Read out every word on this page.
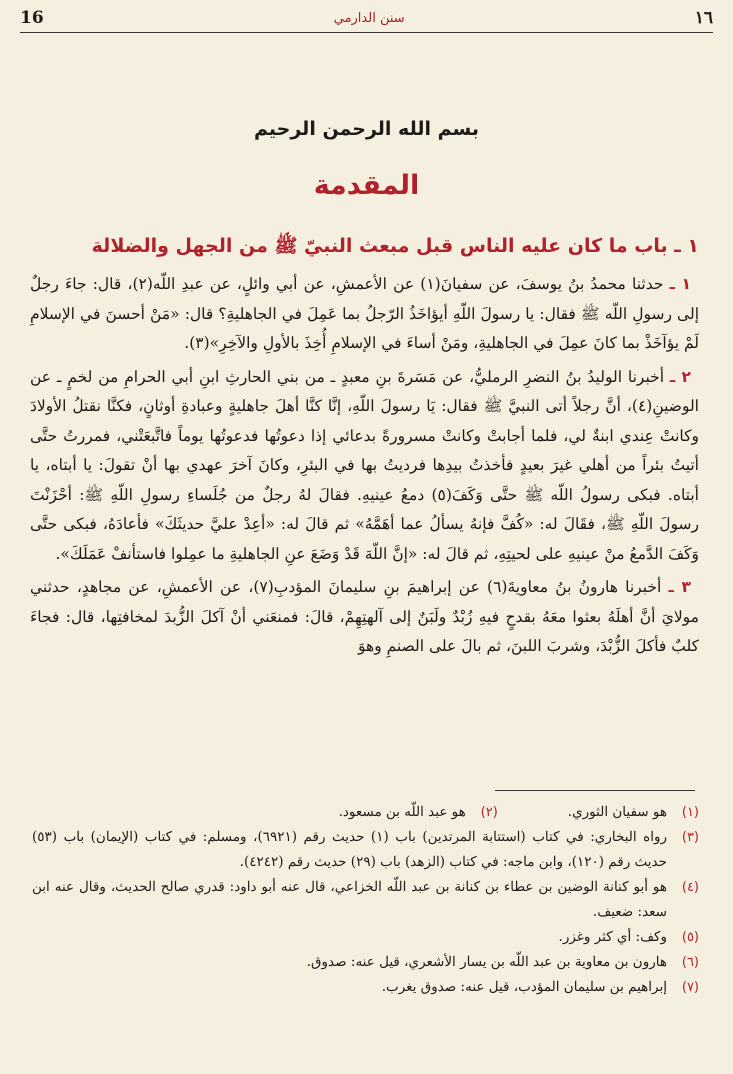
16	سنن الدارمي	١٦
بسم الله الرحمن الرحيم
المقدمة
١ ـ باب ما كان عليه الناس قبل مبعث النبيّ ﷺ من الجهل والضلالة

١ ـ حدثنا محمدُ بنُ يوسفَ، عن سفيانَ(١) عن الأعمشِ، عن أبي وائلٍ، عن عبدِ اللّه(٢)، قال: جاءَ رجلٌ إلى رسولِ اللّه ﷺ فقال: يا رسولَ اللّهِ أيؤاخَذُ الرّجلُ بما عَمِلَ في الجاهليةِ؟ قال: «مَنْ أحسنَ في الإسلامِ لَمْ يؤآخَذْ بما كانَ عمِلَ في الجاهليةِ، ومَنْ أساءَ في الإسلامِ أُخِذَ بالأولِ والآخِرِ»(٣).

٢ ـ أخبرنا الوليدُ بنُ النضرِ الرمليُّ، عن مَسَرةَ بنِ معبدٍ ـ من بني الحارثِ ابنِ أبي الحرامِ من لخمٍ ـ عن الوضينِ(٤)، أنَّ رجلاً أتى النبيَّ ﷺ فقال: يَا رسولَ اللّهِ، إنَّا كنَّا أهلَ جاهليةٍ وعبادةِ أوثانٍ، فكنَّا نقتلُ الأولادَ وكانتْ عِندي ابنةٌ لي، فلما أجابتْ وكانتْ مسرورةً بدعائي إذا دعوتُها فدعوتُها يوماً فاتَّبعَتْني، فمررتُ حتَّى أتيتُ بئراً من أهلي غيرَ بعيدٍ فأخذتُ بيدِها فرديتُ بها في البئرِ، وكانَ آخرَ عهدي بها أنْ تقولَ: يا أبتاه، يا أبتاه. فبكى رسولُ اللّه ﷺ حتَّى وَكَفَ(٥) دمعُ عينيهِ. فقالَ لهُ رجلٌ من جُلَساءِ رسولِ اللّهِ ﷺ: أحْزَنْتَ رسولَ اللّهِ ﷺ، فقَالَ له: «كُفَّ فإنهُ يسألُ عما أهَمَّهُ» ثم قالَ له: «أعِدْ عليَّ حديثَكَ» فأعادَهُ، فبكى حتَّى وَكَفَ الدَّمعُ منْ عينيهِ على لحيتِهِ، ثم قالَ له: «إنَّ اللّهَ قَدْ وَضَعَ عنِ الجاهليةِ ما عمِلوا فاستأنفْ عَمَلَكَ».

٣ ـ أخبرنا هارونُ بنُ معاويةَ(٦) عن إبراهيمَ بنِ سليمانَ المؤدبِ(٧)، عن الأعمشِ، عن مجاهدٍ، حدثني مولايَ أنَّ أهلَهُ بعثوا معَهُ بقدحٍ فيهِ زُبْدٌ ولَبَنٌ إلى آلهتِهِمْ، قالَ: فمنعَني أنْ آكلَ الزُّبدَ لمخافتِها، قال: فجاءَ كلبٌ فأكلَ الزُّبْدَ، وشربَ اللبنَ، ثم بالَ على الصنمِ وهوَ

(١)
هو سفيان الثوري.
(٢)
هو عبد اللّه بن مسعود.
(٣)
رواه البخاري: في كتاب (استتابة المرتدين) باب (١) حديث رقم (٦٩٢١)، ومسلم: في كتاب (الإيمان) باب (٥٣) حديث رقم (١٢٠)، وابن ماجه: في كتاب (الزهد) باب (٢٩) حديث رقم (٤٢٤٢).
(٤)
هو أبو كنانة الوضين بن عطاء بن كنانة بن عبد اللّه الخزاعي، قال عنه أبو داود: قدري صالح الحديث، وقال عنه ابن سعد: ضعيف.
(٥)
وكف: أي كثر وغزر.
(٦)
هارون بن معاوية بن عبد اللّه بن يسار الأشعري، قيل عنه: صدوق.
(٧)
إبراهيم بن سليمان المؤدب، قيل عنه: صدوق يغرب.
